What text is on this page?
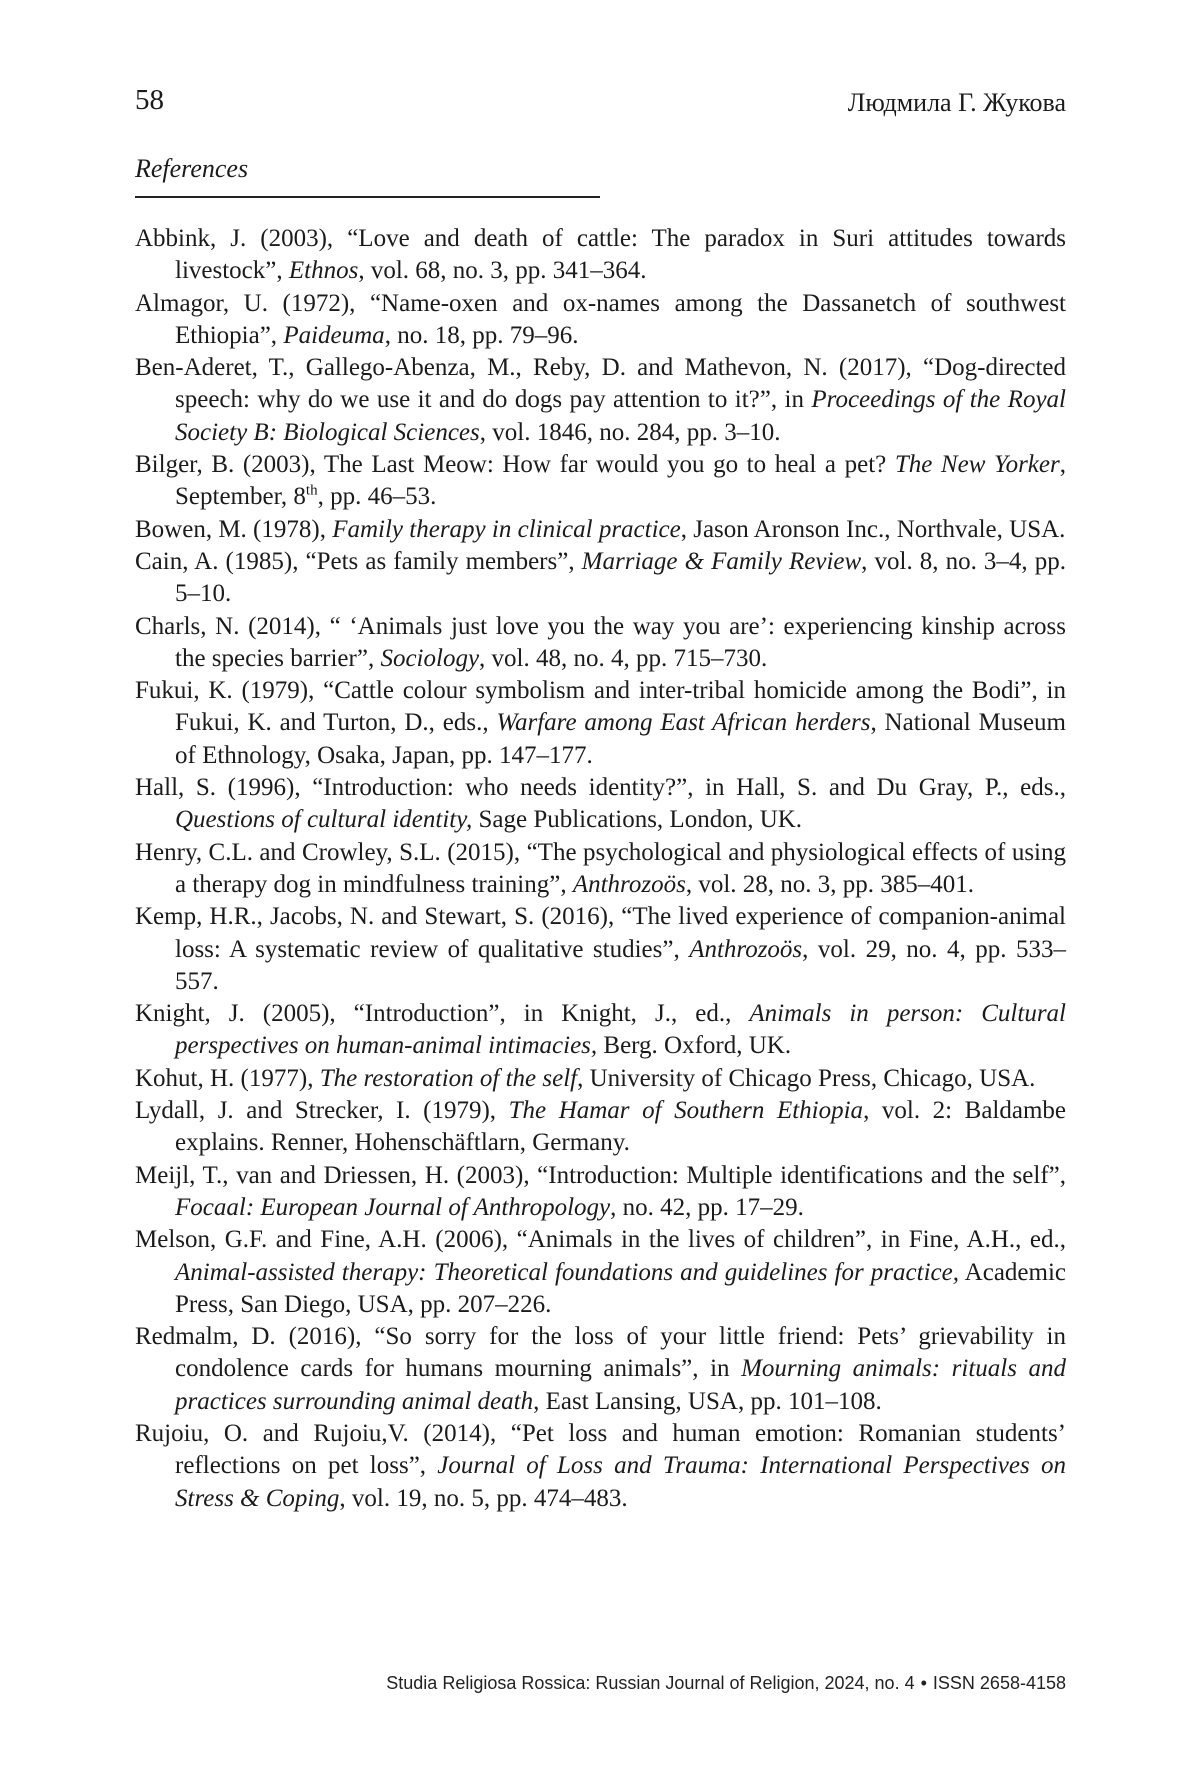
58	Людмила Г. Жукова
References
Abbink, J. (2003), “Love and death of cattle: The paradox in Suri attitudes towards livestock”, Ethnos, vol. 68, no. 3, pp. 341–364.
Almagor, U. (1972), “Name-oxen and ox-names among the Dassanetch of southwest Ethiopia”, Paideuma, no. 18, pp. 79–96.
Ben-Aderet, T., Gallego-Abenza, M., Reby, D. and Mathevon, N. (2017), “Dog-directed speech: why do we use it and do dogs pay attention to it?”, in Proceedings of the Royal Society B: Biological Sciences, vol. 1846, no. 284, pp. 3–10.
Bilger, B. (2003), The Last Meow: How far would you go to heal a pet? The New Yorker, September, 8th, pp. 46–53.
Bowen, M. (1978), Family therapy in clinical practice, Jason Aronson Inc., Northvale, USA.
Cain, A. (1985), “Pets as family members”, Marriage & Family Review, vol. 8, no. 3–4, pp. 5–10.
Charls, N. (2014), “ ‘Animals just love you the way you are’: experiencing kinship across the species barrier”, Sociology, vol. 48, no. 4, pp. 715–730.
Fukui, K. (1979), “Cattle colour symbolism and inter-tribal homicide among the Bodi”, in Fukui, K. and Turton, D., eds., Warfare among East African herders, National Museum of Ethnology, Osaka, Japan, pp. 147–177.
Hall, S. (1996), “Introduction: who needs identity?”, in Hall, S. and Du Gray, P., eds., Questions of cultural identity, Sage Publications, London, UK.
Henry, C.L. and Crowley, S.L. (2015), “The psychological and physiological effects of using a therapy dog in mindfulness training”, Anthrozoös, vol. 28, no. 3, pp. 385–401.
Kemp, H.R., Jacobs, N. and Stewart, S. (2016), “The lived experience of companion-animal loss: A systematic review of qualitative studies”, Anthrozoös, vol. 29, no. 4, pp. 533–557.
Knight, J. (2005), “Introduction”, in Knight, J., ed., Animals in person: Cultural perspectives on human-animal intimacies, Berg. Oxford, UK.
Kohut, H. (1977), The restoration of the self, University of Chicago Press, Chicago, USA.
Lydall, J. and Strecker, I. (1979), The Hamar of Southern Ethiopia, vol. 2: Baldambe explains. Renner, Hohenschäftlarn, Germany.
Meijl, T., van and Driessen, H. (2003), “Introduction: Multiple identifications and the self”, Focaal: European Journal of Anthropology, no. 42, pp. 17–29.
Melson, G.F. and Fine, A.H. (2006), “Animals in the lives of children”, in Fine, A.H., ed., Animal-assisted therapy: Theoretical foundations and guidelines for practice, Academic Press, San Diego, USA, pp. 207–226.
Redmalm, D. (2016), “So sorry for the loss of your little friend: Pets’ grievability in condolence cards for humans mourning animals”, in Mourning animals: rituals and practices surrounding animal death, East Lansing, USA, pp. 101–108.
Rujoiu, O. and Rujoiu,V. (2014), “Pet loss and human emotion: Romanian students’ reflections on pet loss”, Journal of Loss and Trauma: International Perspectives on Stress & Coping, vol. 19, no. 5, pp. 474–483.
Studia Religiosa Rossica: Russian Journal of Religion, 2024, no. 4 • ISSN 2658-4158
